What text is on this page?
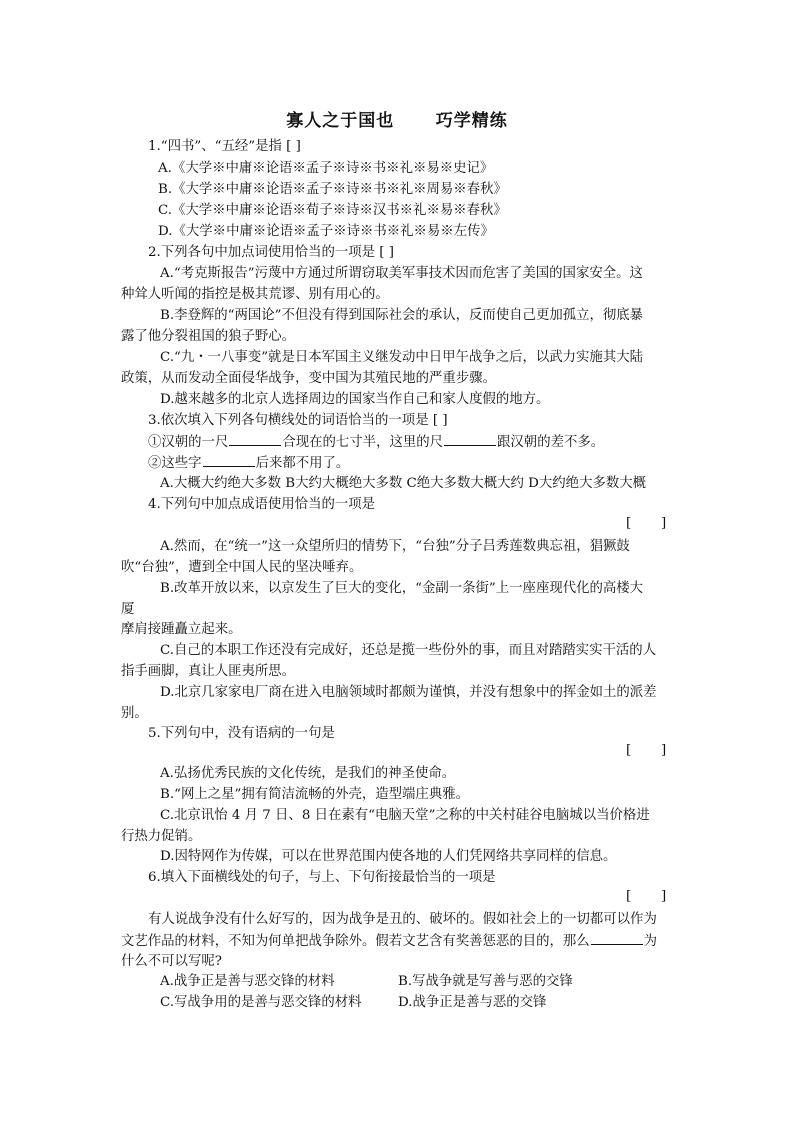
寡人之于国也      巧学精练
1.“四书”、“五经”是指 [ ]
A.《大学※中庸※论语※孟子※诗※书※礼※易※史记》
B.《大学※中庸※论语※孟子※诗※书※礼※周易※春秋》
C.《大学※中庸※论语※荀子※诗※汉书※礼※易※春秋》
D.《大学※中庸※论语※孟子※诗※书※礼※易※左传》
2.下列各句中加点词使用恰当的一项是 [ ]
A.“考克斯报告”污蔑中方通过所谓窃取美军事技术因而危害了美国的国家安全。这
种耸人听闻的指控是极其荒谬、别有用心的。
B.李登辉的“两国论”不但没有得到国际社会的承认，反而使自己更加孤立，彻底暴
露了他分裂祖国的狼子野心。
C.“九・一八事变”就是日本军国主义继发动中日甲午战争之后，以武力实施其大陆
政策，从而发动全面侵华战争，变中国为其殖民地的严重步骤。
D.越来越多的北京人选择周边的国家当作自己和家人度假的地方。
3.依次填入下列各句横线处的词语恰当的一项是 [ ]
①汉朝的一尺	合现在的七寸半，这里的尺	跟汉朝的差不多。
②这些字	后来都不用了。
A.大概大约绝大多数 B大约大概绝大多数 C绝大多数大概大约 D大约绝大多数大概
4.下列句中加点成语使用恰当的一项是
[       ]
A.然而，在“统一”这一众望所归的情势下，“台独”分子吕秀莲数典忘祖，猖獗鼓
吹“台独”，遭到全中国人民的坚决唾弃。
B.改革开放以来，以京发生了巨大的变化，“金副一条街”上一座座现代化的高楼大
厦
摩肩接踵矗立起来。
C.自己的本职工作还没有完成好，还总是揽一些份外的事，而且对踏踏实实干活的人
指手画脚，真让人匪夷所思。
D.北京几家家电厂商在进入电脑领域时都颇为谨慎，并没有想象中的挥金如土的派差
别。
5.下列句中，没有语病的一句是
[       ]
A.弘扬优秀民族的文化传统，是我们的神圣使命。
B.“网上之星”拥有简洁流畅的外壳，造型端庄典雅。
C.北京讯怡 4 月 7 日、8 日在素有“电脑天堂”之称的中关村硅谷电脑城以当价格进
行热力促销。
D.因特网作为传媒，可以在世界范围内使各地的人们凭网络共享同样的信息。
6.填入下面横线处的句子，与上、下句衔接最恰当的一项是
[       ]
有人说战争没有什么好写的，因为战争是丑的、破坏的。假如社会上的一切都可以作为
文艺作品的材料，不知为何单把战争除外。假若文艺含有奖善惩恶的目的，那么	为
什么不可以写呢?
A.战争正是善与恶交锋的材料	B.写战争就是写善与恶的交锋
C.写战争用的是善与恶交锋的材料	D.战争正是善与恶的交锋
